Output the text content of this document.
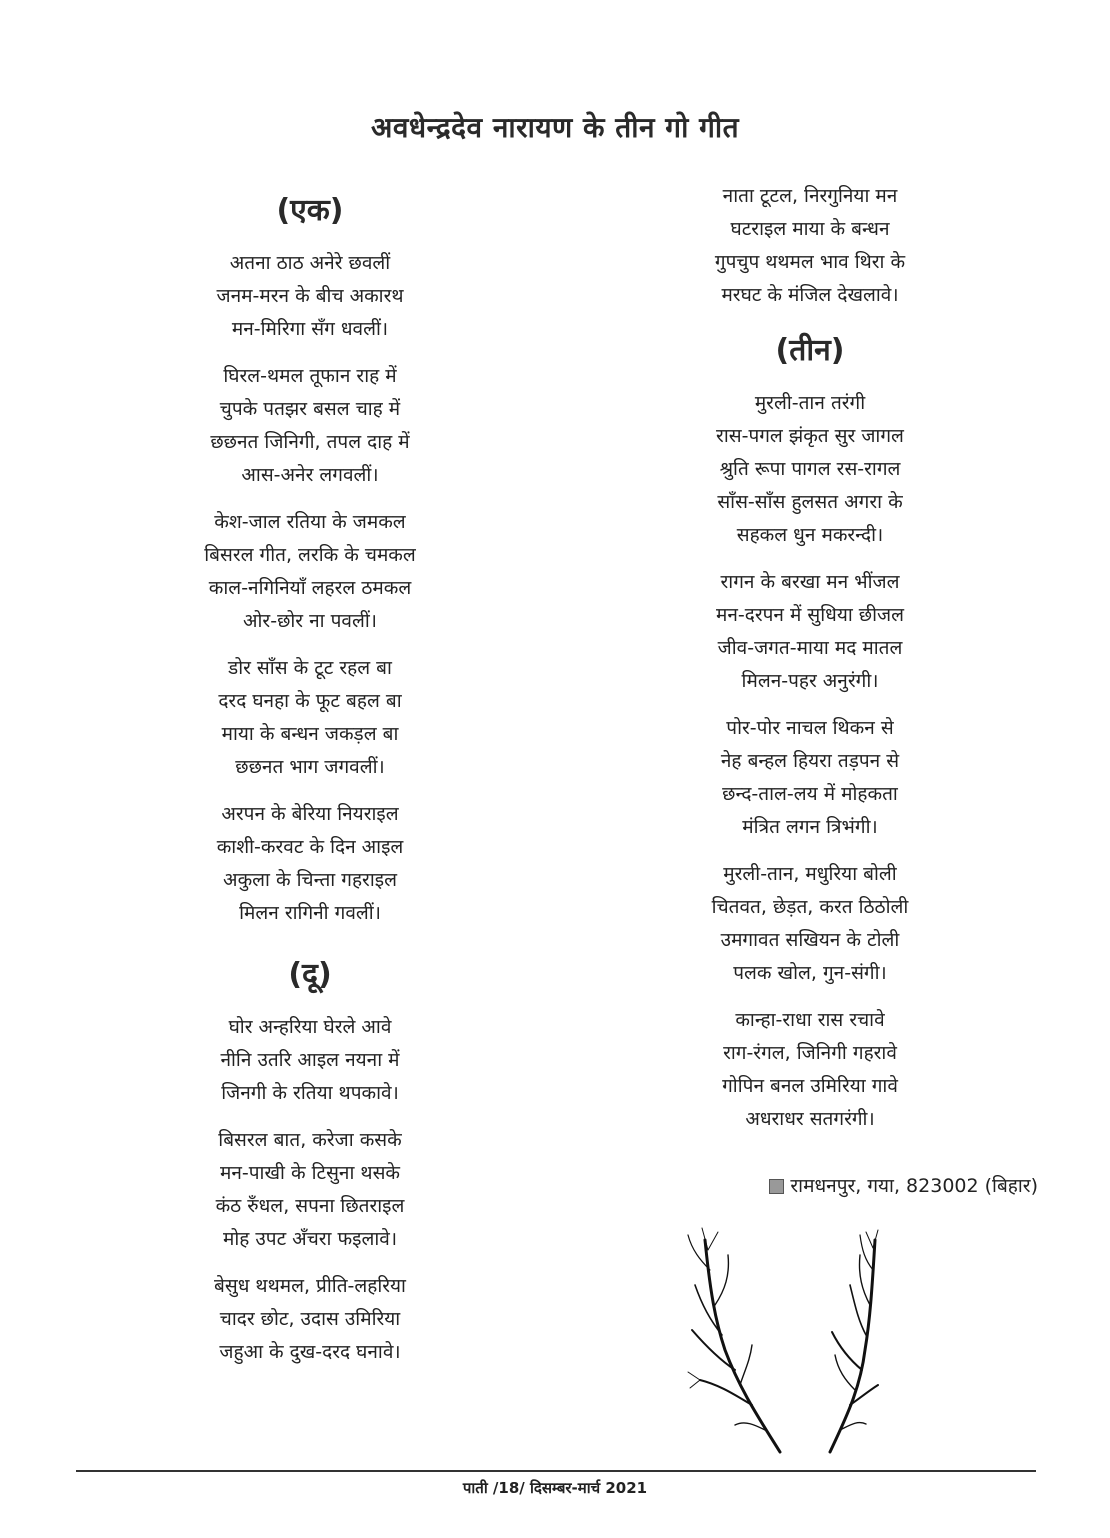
अवधेन्द्रदेव नारायण के तीन गो गीत
(एक)
अतना ठाठ अनेरे छवलीं
जनम-मरन के बीच अकारथ
मन-मिरिगा सँग धवलीं।
घिरल-थमल तूफान राह में
चुपके पतझर बसल चाह में
छछनत जिनिगी, तपल दाह में
आस-अनेर लगवलीं।
केश-जाल रतिया के जमकल
बिसरल गीत, लरकि के चमकल
काल-नगिनियाँ लहरल ठमकल
ओर-छोर ना पवलीं।
डोर साँस के टूट रहल बा
दरद घनहा के फूट बहल बा
माया के बन्धन जकड़ल बा
छछनत भाग जगवलीं।
अरपन के बेरिया नियराइल
काशी-करवट के दिन आइल
अकुला के चिन्ता गहराइल
मिलन रागिनी गवलीं।
(दू)
घोर अन्हरिया घेरले आवे
नीनि उतरि आइल नयना में
जिनगी के रतिया थपकावे।
बिसरल बात, करेजा कसके
मन-पाखी के टिसुना थसके
कंठ रुँधल, सपना छितराइल
मोह उपट अँचरा फइलावे।
बेसुध थथमल, प्रीति-लहरिया
चादर छोट, उदास उमिरिया
जहुआ के दुख-दरद घनावे।
नाता टूटल, निरगुनिया मन
घटराइल माया के बन्धन
गुपचुप थथमल भाव थिरा के
मरघट के मंजिल देखलावे।
(तीन)
मुरली-तान तरंगी
रास-पगल झंकृत सुर जागल
श्रुति रूपा पागल रस-रागल
साँस-साँस हुलसत अगरा के
सहकल धुन मकरन्दी।
रागन के बरखा मन भींजल
मन-दरपन में सुधिया छीजल
जीव-जगत-माया मद मातल
मिलन-पहर अनुरंगी।
पोर-पोर नाचल थिकन से
नेह बन्हल हियरा तड़पन से
छन्द-ताल-लय में मोहकता
मंत्रित लगन त्रिभंगी।
मुरली-तान, मधुरिया बोली
चितवत, छेड़त, करत ठिठोली
उमगावत सखियन के टोली
पलक खोल, गुन-संगी।
कान्हा-राधा रास रचावे
राग-रंगल, जिनिगी गहरावे
गोपिन बनल उमिरिया गावे
अधराधर सतगरंगी।
रामधनपुर, गया, 823002 (बिहार)
पाती /18/ दिसम्बर-मार्च 2021
